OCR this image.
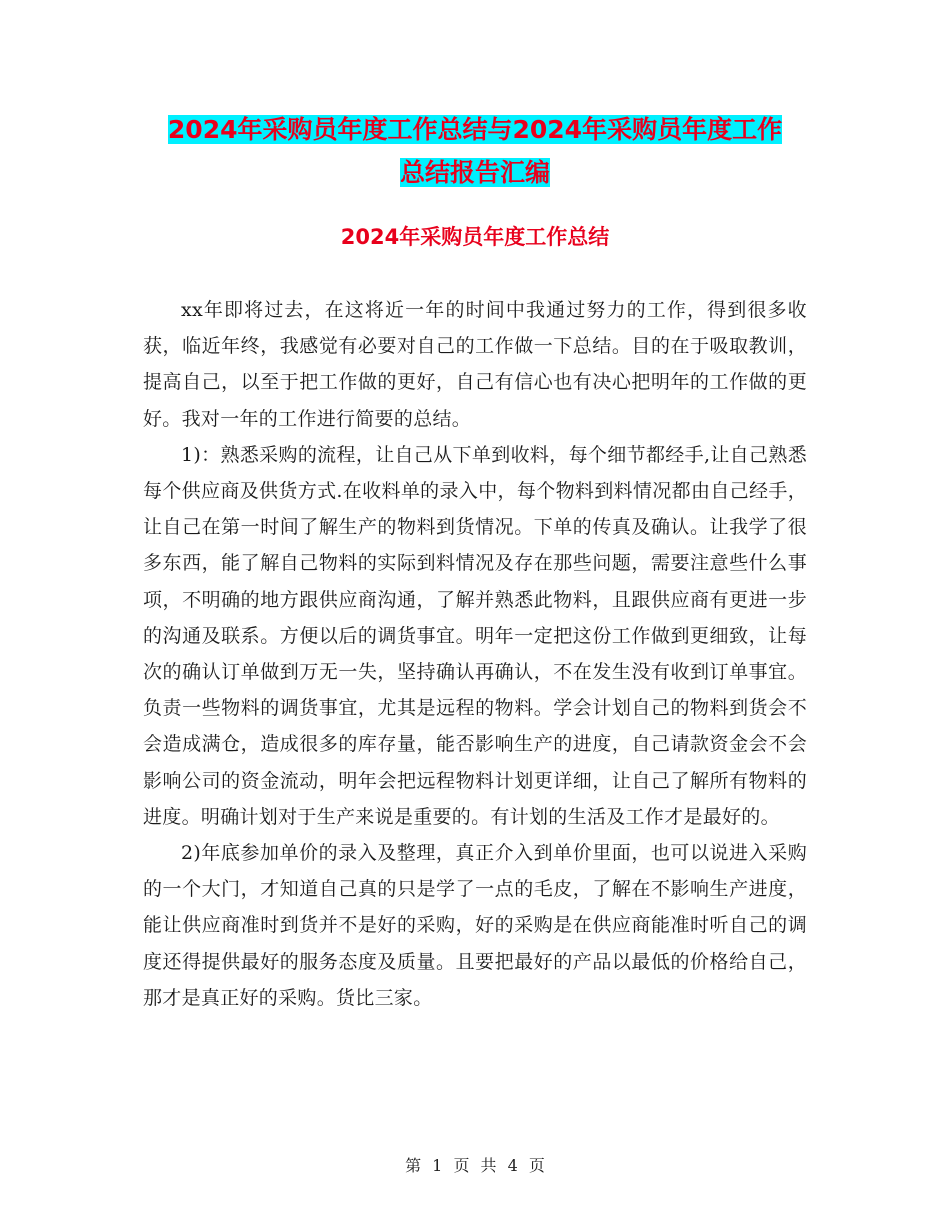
2024年采购员年度工作总结与2024年采购员年度工作
总结报告汇编
2024年采购员年度工作总结

xx年即将过去，在这将近一年的时间中我通过努力的工作，得到很多收获，临近年终，我感觉有必要对自己的工作做一下总结。目的在于吸取教训，提高自己，以至于把工作做的更好，自己有信心也有决心把明年的工作做的更好。我对一年的工作进行简要的总结。

1)：熟悉采购的流程，让自己从下单到收料，每个细节都经手,让自己熟悉每个供应商及供货方式.在收料单的录入中，每个物料到料情况都由自己经手，让自己在第一时间了解生产的物料到货情况。下单的传真及确认。让我学了很多东西，能了解自己物料的实际到料情况及存在那些问题，需要注意些什么事项，不明确的地方跟供应商沟通，了解并熟悉此物料，且跟供应商有更进一步的沟通及联系。方便以后的调货事宜。明年一定把这份工作做到更细致，让每次的确认订单做到万无一失，坚持确认再确认，不在发生没有收到订单事宜。负责一些物料的调货事宜，尤其是远程的物料。学会计划自己的物料到货会不会造成满仓，造成很多的库存量，能否影响生产的进度，自己请款资金会不会影响公司的资金流动，明年会把远程物料计划更详细，让自己了解所有物料的进度。明确计划对于生产来说是重要的。有计划的生活及工作才是最好的。

2)年底参加单价的录入及整理，真正介入到单价里面，也可以说进入采购的一个大门，才知道自己真的只是学了一点的毛皮，了解在不影响生产进度，能让供应商准时到货并不是好的采购，好的采购是在供应商能准时听自己的调度还得提供最好的服务态度及质量。且要把最好的产品以最低的价格给自己，那才是真正好的采购。货比三家。

第 1 页 共 4 页
